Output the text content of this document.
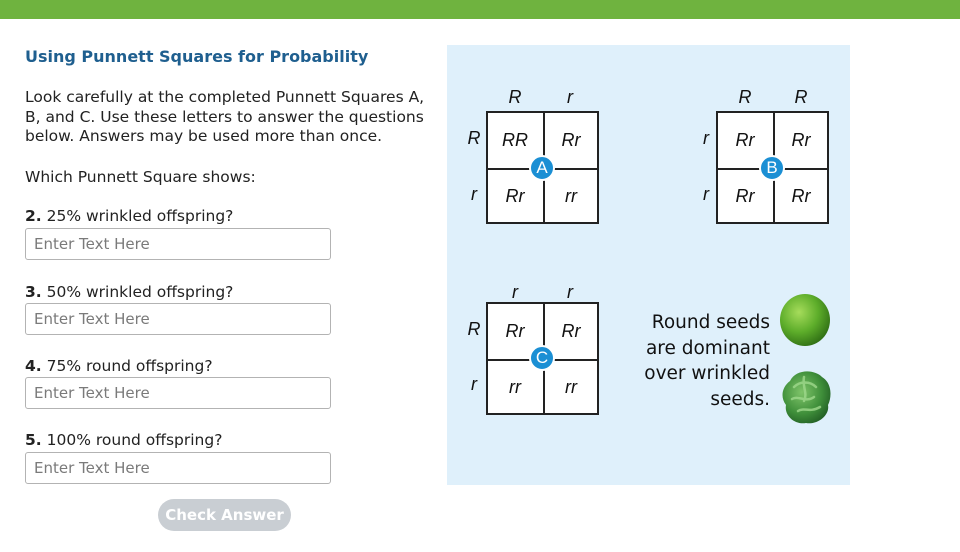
Using Punnett Squares for Probability
Look carefully at the completed Punnett Squares A, B, and C. Use these letters to answer the questions below. Answers may be used more than once.
Which Punnett Square shows:
2. 25% wrinkled offspring?
Enter Text Here
3. 50% wrinkled offspring?
Enter Text Here
4. 75% round offspring?
Enter Text Here
5. 100% round offspring?
Enter Text Here
Check Answer
R	r
R
r
RR	Rr
Rr	rr
A
R	R
r
r
Rr	Rr
Rr	Rr
B
r	r
R
r
Rr	Rr
rr	rr
C
Round seeds
are dominant
over wrinkled
seeds.
